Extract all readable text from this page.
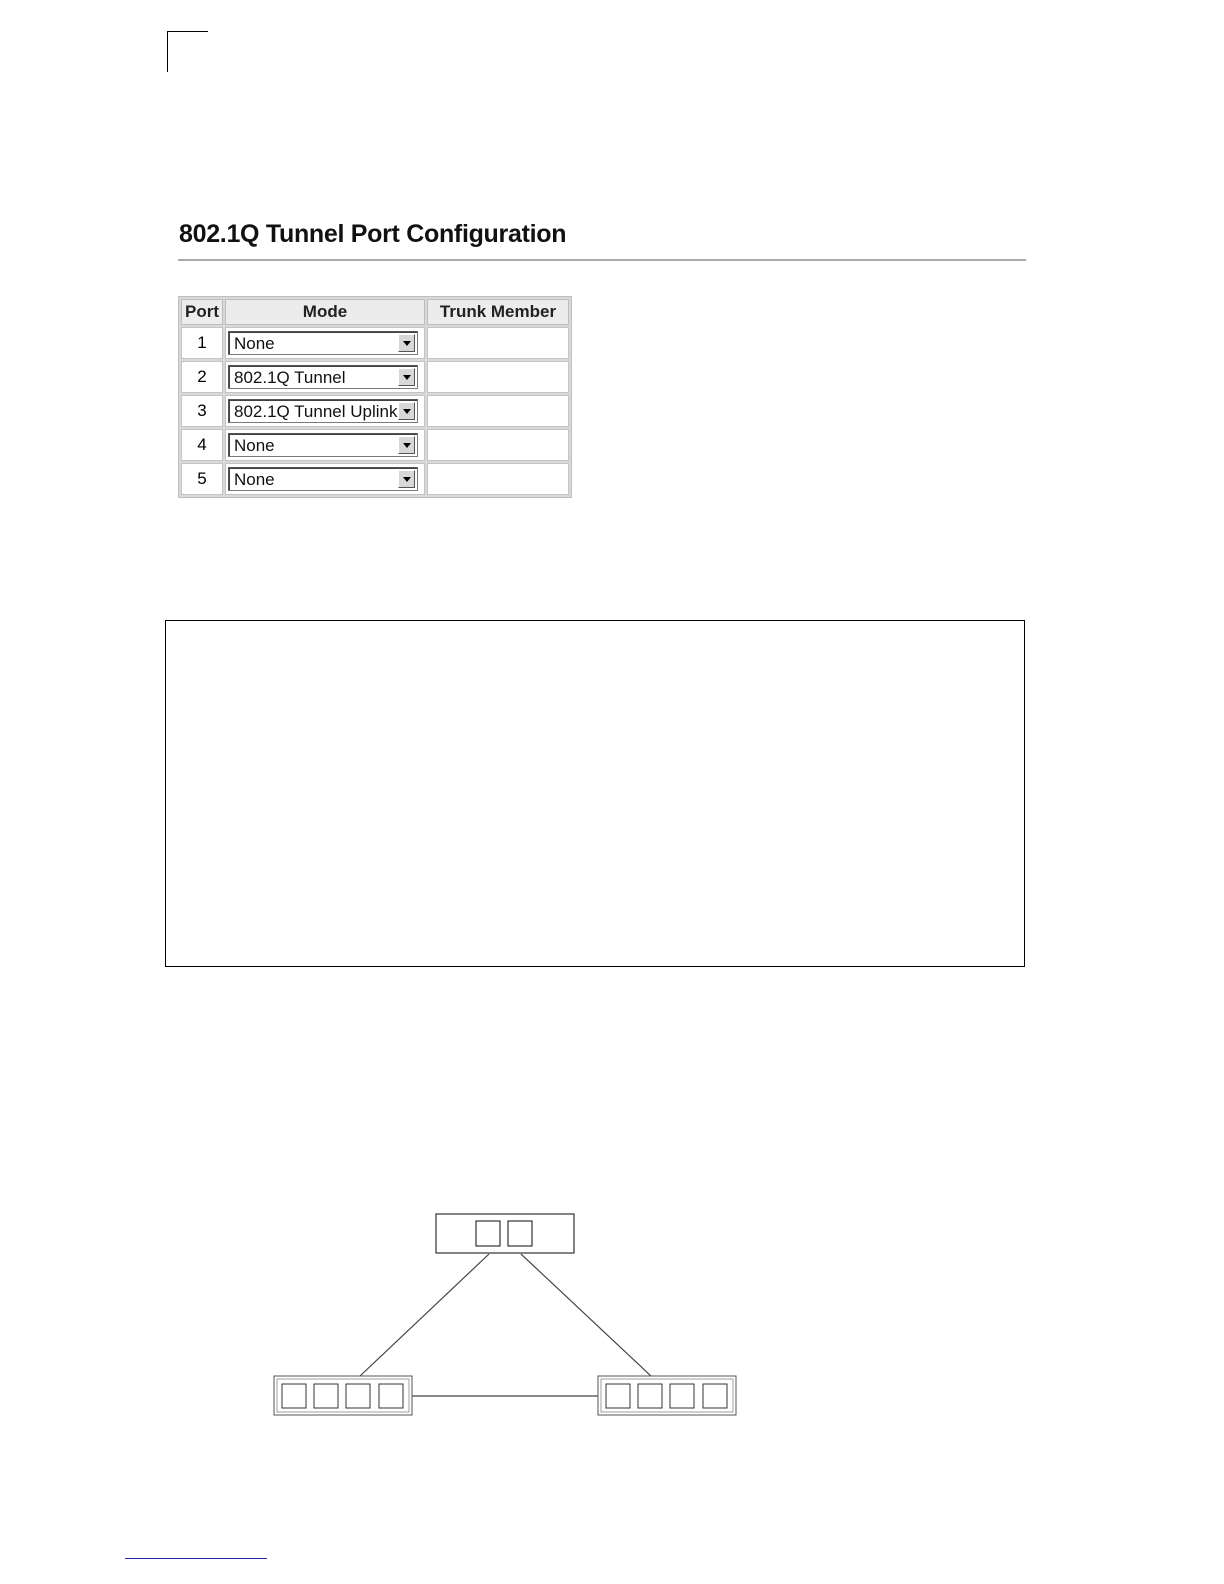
802.1Q Tunnel Port Configuration
Port	Mode	Trunk Member
1	None	

2	802.1Q Tunnel	

3	802.1Q Tunnel Uplink	

4	None	

5	None	
